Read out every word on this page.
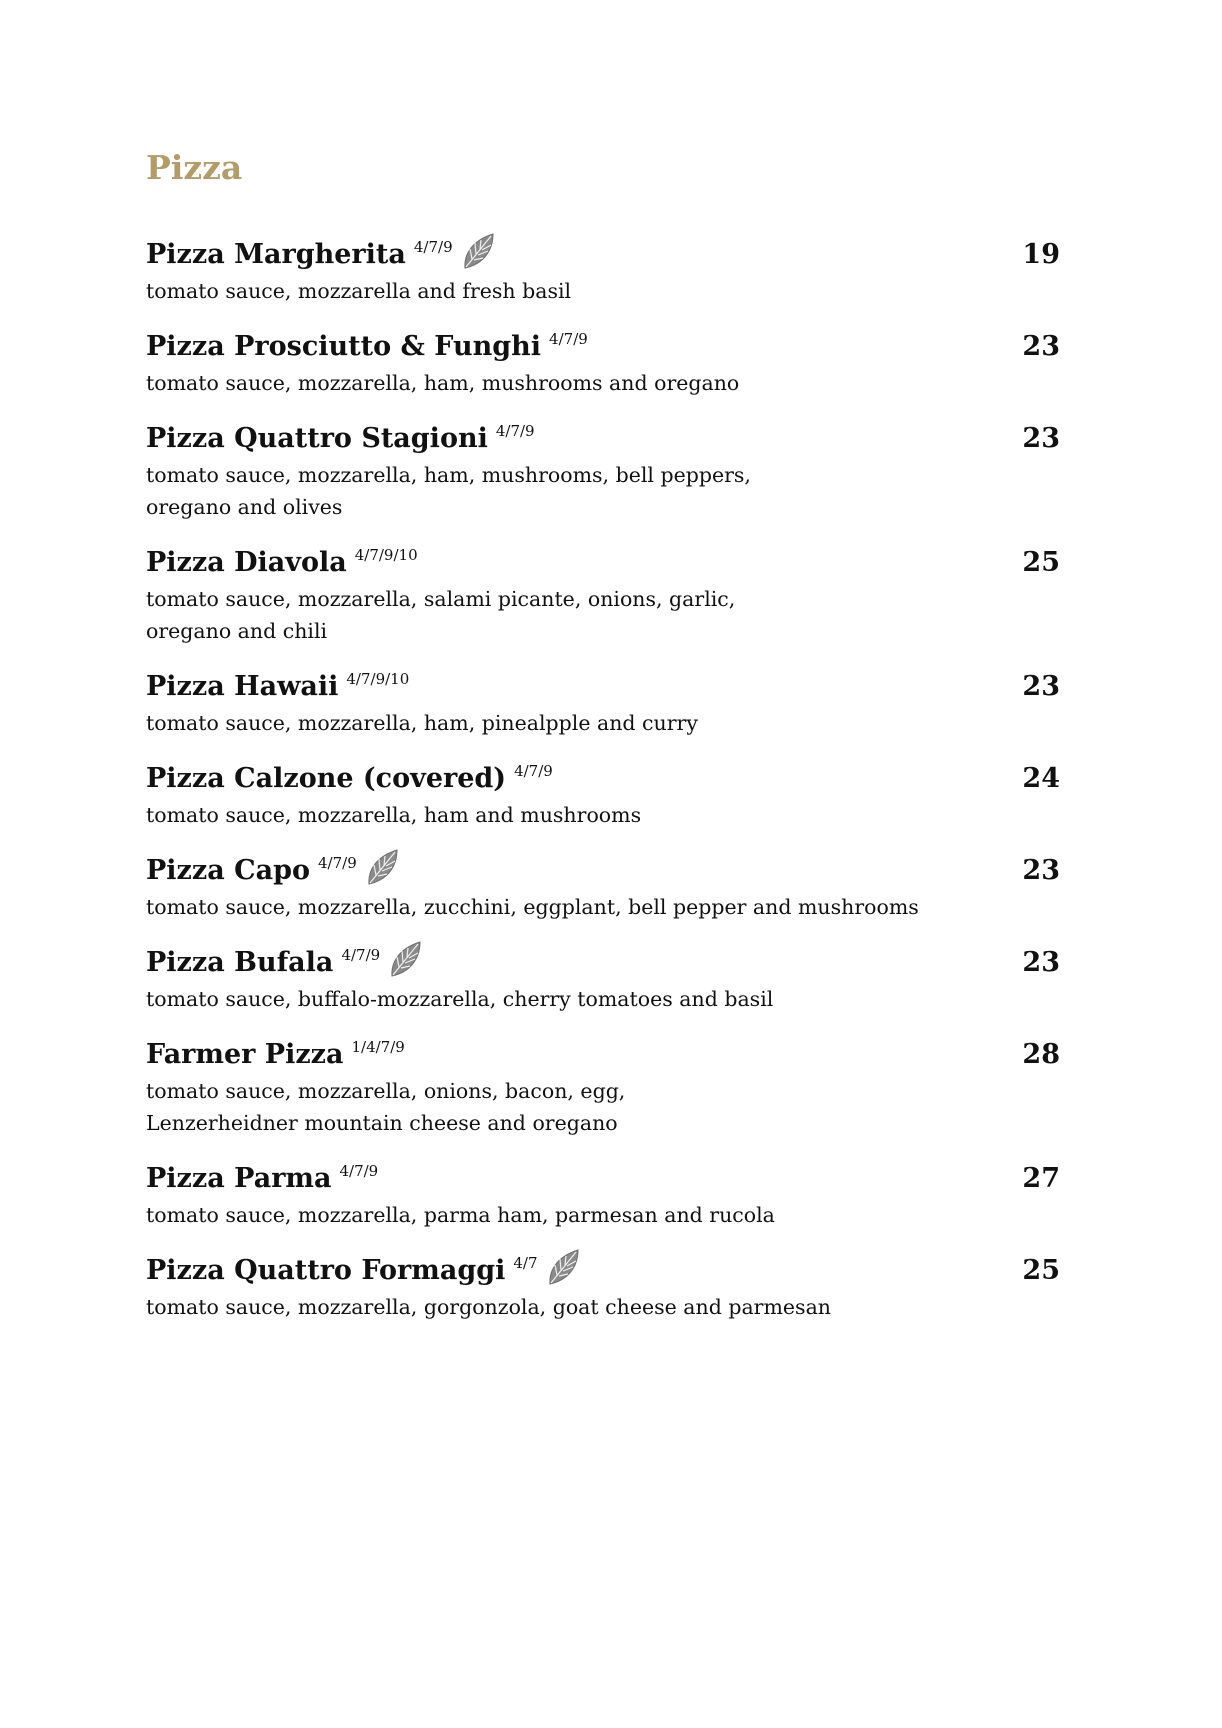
Pizza
Pizza Margherita 4/7/9	19
tomato sauce, mozzarella and fresh basil
Pizza Prosciutto & Funghi 4/7/9	23
tomato sauce, mozzarella, ham, mushrooms and oregano
Pizza Quattro Stagioni 4/7/9	23
tomato sauce, mozzarella, ham, mushrooms, bell peppers,
oregano and olives
Pizza Diavola 4/7/9/10	25
tomato sauce, mozzarella, salami picante, onions, garlic,
oregano and chili
Pizza Hawaii 4/7/9/10	23
tomato sauce, mozzarella, ham, pinealpple and curry
Pizza Calzone (covered) 4/7/9	24
tomato sauce, mozzarella, ham and mushrooms
Pizza Capo 4/7/9	23
tomato sauce, mozzarella, zucchini, eggplant, bell pepper and mushrooms
Pizza Bufala 4/7/9	23
tomato sauce, buffalo-mozzarella, cherry tomatoes and basil
Farmer Pizza 1/4/7/9	28
tomato sauce, mozzarella, onions, bacon, egg,
Lenzerheidner mountain cheese and oregano
Pizza Parma 4/7/9	27
tomato sauce, mozzarella, parma ham, parmesan and rucola
Pizza Quattro Formaggi 4/7	25
tomato sauce, mozzarella, gorgonzola, goat cheese and parmesan
